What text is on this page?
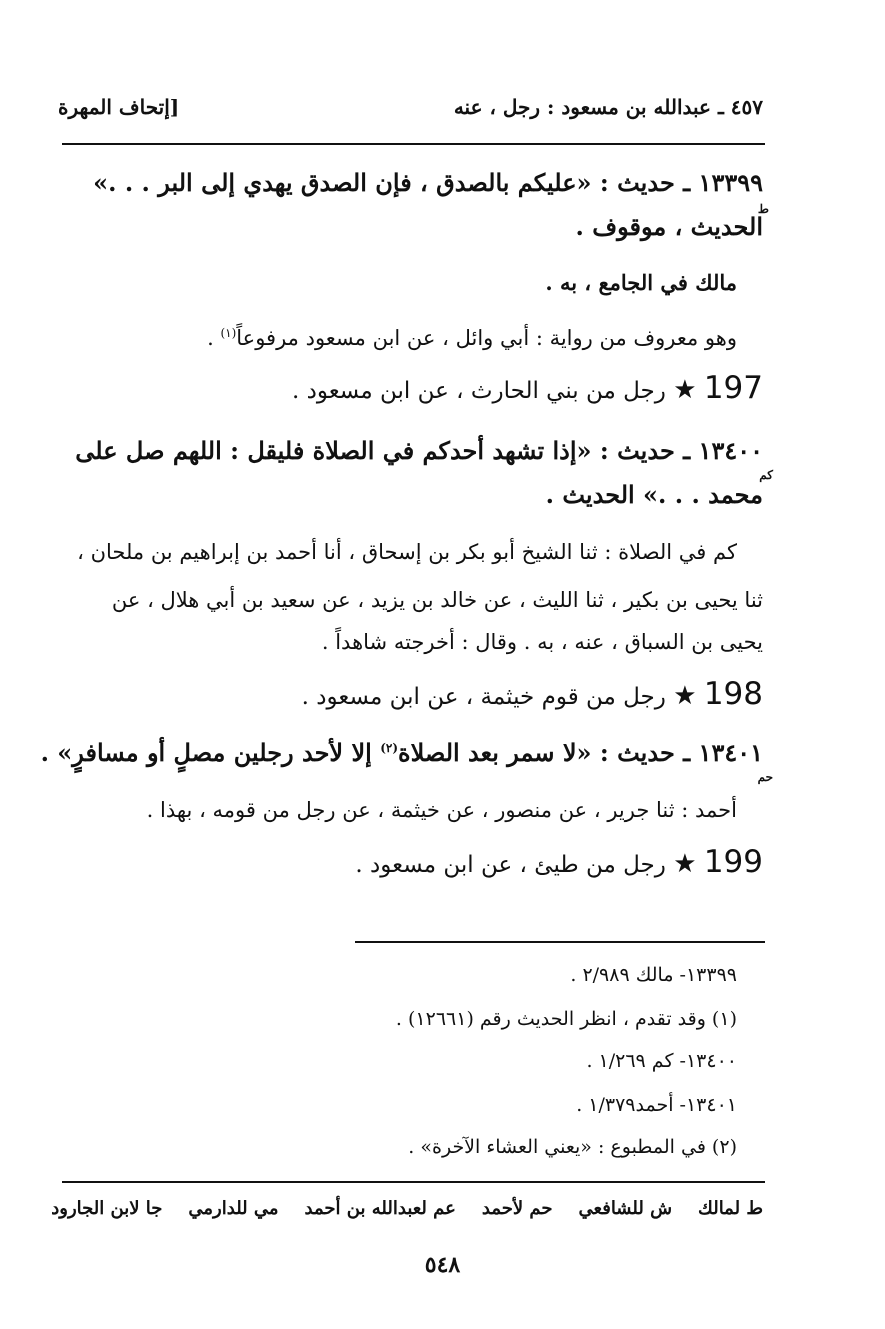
٤٥٧ ـ عبدالله بن مسعود : رجل ، عنه
[إتحاف المهرة
١٣٣٩٩ ـ حديث : «عليكم بالصدق ، فإن الصدق يهدي إلى البر . . .»
ط
الحديث ، موقوف .
مالك في الجامع ، به .
وهو معروف من رواية : أبي وائل ، عن ابن مسعود مرفوعاً$^{(١)}$ .
197 ★ رجل من بني الحارث ، عن ابن مسعود .
١٣٤٠٠ ـ حديث : «إذا تشهد أحدكم في الصلاة فليقل : اللهم صل على
كم
محمد . . .» الحديث .
كم في الصلاة : ثنا الشيخ أبو بكر بن إسحاق ، أنا أحمد بن إبراهيم بن ملحان ،
ثنا يحيى بن بكير ، ثنا الليث ، عن خالد بن يزيد ، عن سعيد بن أبي هلال ، عن
يحيى بن السباق ، عنه ، به . وقال : أخرجته شاهداً .
198 ★ رجل من قوم خيثمة ، عن ابن مسعود .
١٣٤٠١ ـ حديث : «لا سمر بعد الصلاة$^{(٢)}$ إلا لأحد رجلين مصلٍ أو مسافرٍ» .
حم
أحمد : ثنا جرير ، عن منصور ، عن خيثمة ، عن رجل من قومه ، بهذا .
199 ★ رجل من طيئ ، عن ابن مسعود .
١٣٣٩٩- مالك ٢/٩٨٩ .
(١) وقد تقدم ، انظر الحديث رقم (١٢٦٦١) .
١٣٤٠٠- كم ١/٢٦٩ .
١٣٤٠١- أحمد١/٣٧٩ .
(٢) في المطبوع : «يعني العشاء الآخرة» .
ط لمالك
ش للشافعي
حم لأحمد
عم لعبدالله بن أحمد
مي للدارمي
جا لابن الجارود
٥٤٨
